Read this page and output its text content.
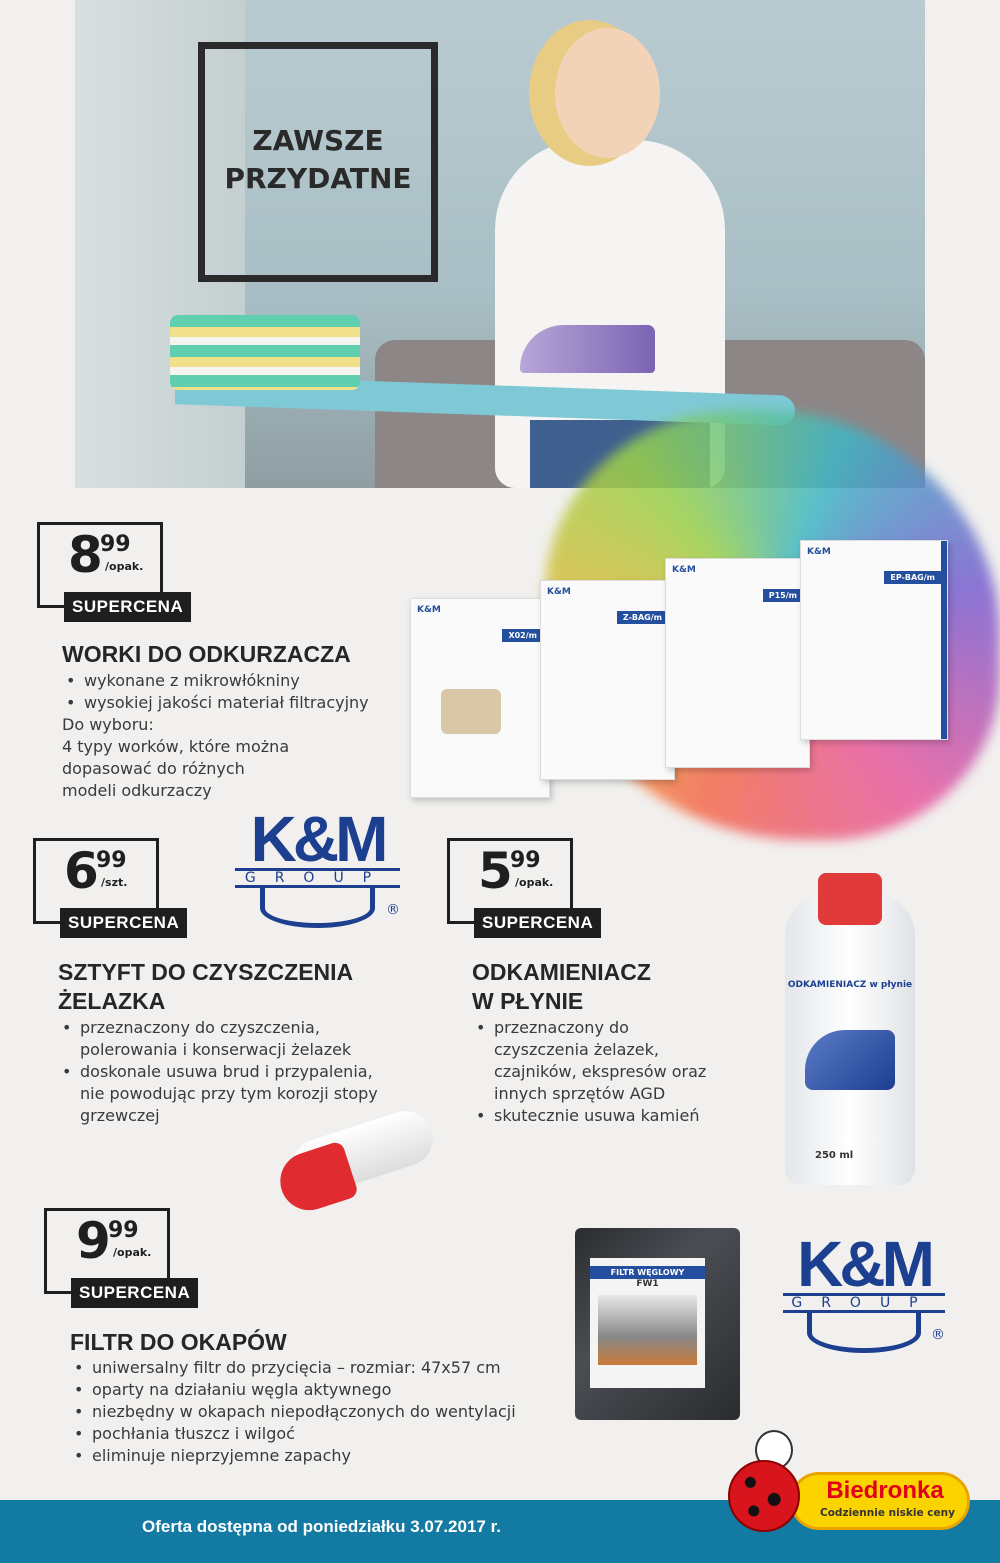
ZAWSZE
PRZYDATNE
K&M
X02/m
K&M
Z-BAG/m
K&M
P15/m
K&M
EP-BAG/m
8 99
/opak.
SUPERCENA
WORKI DO ODKURZACZA
• wykonane z mikrowłókniny
• wysokiej jakości materiał filtracyjny

Do wyboru:

4 typy worków, które można

dopasować do różnych

modeli odkurzaczy

K&M
GROUP
®
6 99
/szt.
SUPERCENA
SZTYFT DO CZYSZCZENIA
ŻELAZKA
• przeznaczony do czyszczenia, polerowania i konserwacji żelazek
• doskonale usuwa brud i przypalenia, nie powodując przy tym korozji stopy grzewczej
5 99
/opak.
SUPERCENA
ODKAMIENIACZ
W PŁYNIE
• przeznaczony do czyszczenia żelazek, czajników, ekspresów oraz innych sprzętów AGD
• skutecznie usuwa kamień
ODKAMIENIACZ w płynie
250 ml
9 99
/opak.
SUPERCENA
FILTR DO OKAPÓW
• uniwersalny filtr do przycięcia – rozmiar: 47x57 cm
• oparty na działaniu węgla aktywnego
• niezbędny w okapach niepodłączonych do wentylacji
• pochłania tłuszcz i wilgoć
• eliminuje nieprzyjemne zapachy
FILTR WĘGLOWY
FW1	K&M
GROUP
®
Oferta dostępna od poniedziałku 3.07.2017 r.
Biedronka
Codziennie niskie ceny
